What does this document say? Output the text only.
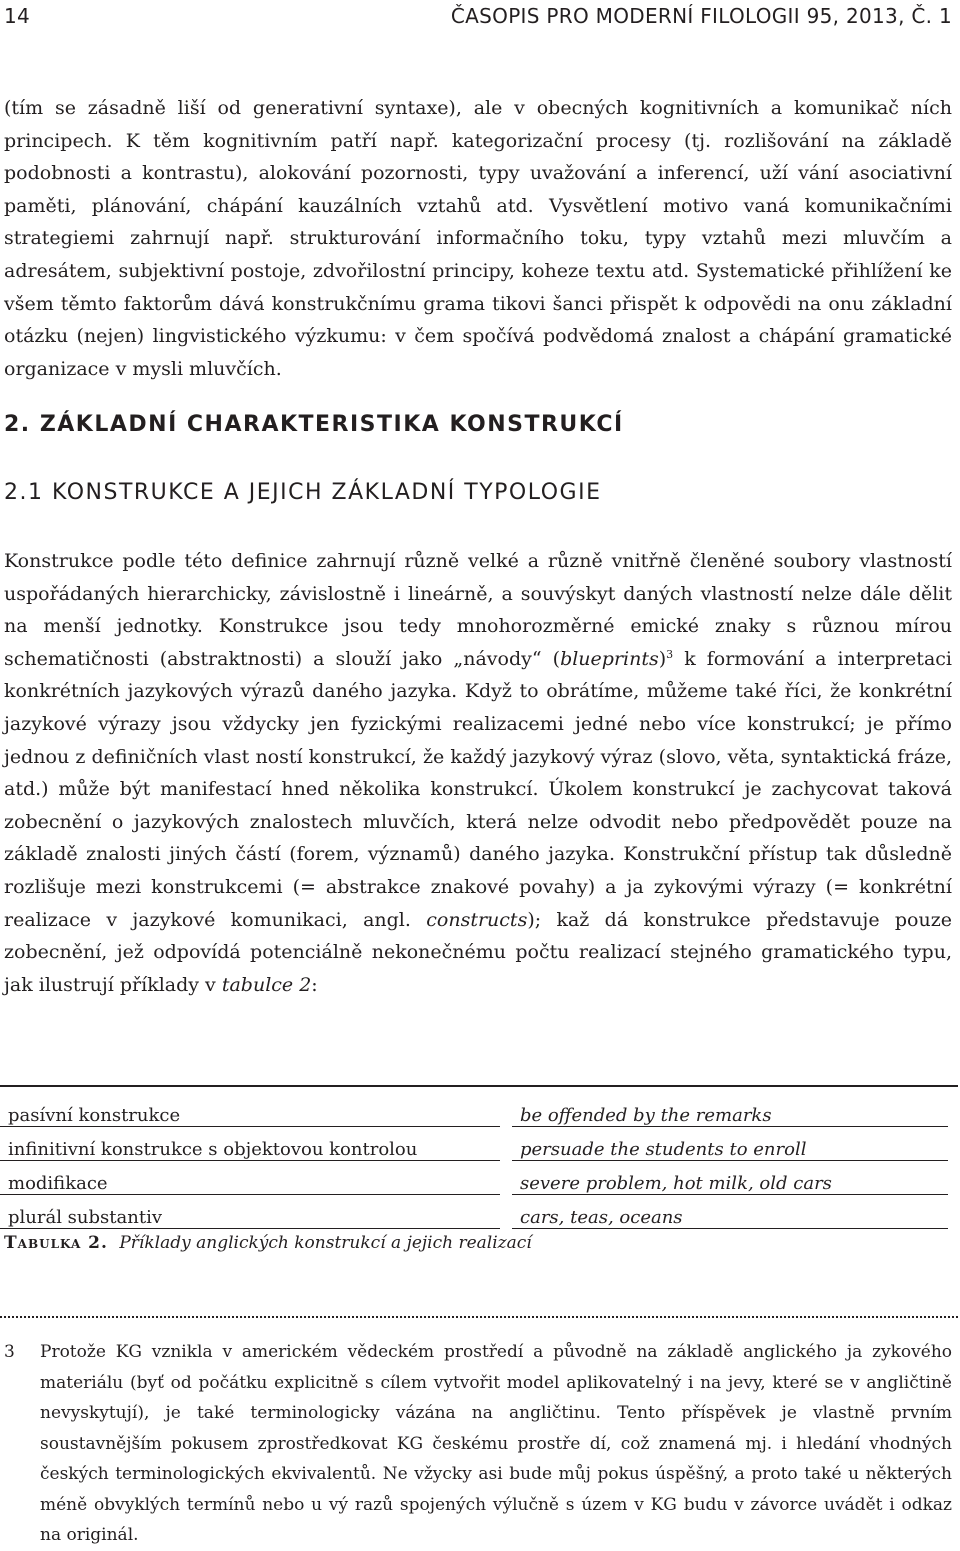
14	ČASOPIS PRO MODERNÍ FILOLOGII 95, 2013, Č. 1
(tím se zásadně liší od generativní syntaxe), ale v obecných kognitivních a komunikač ních principech. K těm kognitivním patří např. kategorizační procesy (tj. rozlišování na základě podobnosti a kontrastu), alokování pozornosti, typy uvažování a inferencí, uží vání asociativní paměti, plánování, chápání kauzálních vztahů atd. Vysvětlení motivo vaná komunikačními strategiemi zahrnují např. strukturování informačního toku, typy vztahů mezi mluvčím a adresátem, subjektivní postoje, zdvořilostní principy, koheze textu atd. Systematické přihlížení ke všem těmto faktorům dává konstrukčnímu grama tikovi šanci přispět k odpovědi na onu základní otázku (nejen) lingvistického výzkumu: v čem spočívá podvědomá znalost a chápání gramatické organizace v mysli mluvčích.
2. ZÁKLADNÍ CHARAKTERISTIKA KONSTRUKCÍ
2.1 KONSTRUKCE A JEJICH ZÁKLADNÍ TYPOLOGIE
Konstrukce podle této definice zahrnují různě velké a různě vnitřně členěné soubory vlastností uspořádaných hierarchicky, závislostně i lineárně, a souvýskyt daných vlastností nelze dále dělit na menší jednotky. Konstrukce jsou tedy mnohorozměrné emické znaky s různou mírou schematičnosti (abstraktnosti) a slouží jako „návody“ (blueprints)$^3$ k formování a interpretaci konkrétních jazykových výrazů daného jazyka. Když to obrátíme, můžeme také říci, že konkrétní jazykové výrazy jsou vždycky jen fyzickými realizacemi jedné nebo více konstrukcí; je přímo jednou z definičních vlast ností konstrukcí, že každý jazykový výraz (slovo, věta, syntaktická fráze, atd.) může být manifestací hned několika konstrukcí. Úkolem konstrukcí je zachycovat taková zobecnění o jazykových znalostech mluvčích, která nelze odvodit nebo předpovědět pouze na základě znalosti jiných částí (forem, významů) daného jazyka. Konstrukční přístup tak důsledně rozlišuje mezi konstrukcemi (= abstrakce znakové povahy) a ja zykovými výrazy (= konkrétní realizace v jazykové komunikaci, angl. constructs); kaž dá konstrukce představuje pouze zobecnění, jež odpovídá potenciálně nekonečnému počtu realizací stejného gramatického typu, jak ilustrují příklady v tabulce 2:
pasívní konstrukce		be offended by the remarks
infinitivní konstrukce s objektovou kontrolou		persuade the students to enroll
modifikace		severe problem, hot milk, old cars
plurál substantiv		cars, teas, oceans
Tabulka 2. Příklady anglických konstrukcí a jejich realizací
3 Protože KG vznikla v americkém vědeckém prostředí a původně na základě anglického ja zykového materiálu (byť od počátku explicitně s cílem vytvořit model aplikovatelný i na jevy, které se v angličtině nevyskytují), je také terminologicky vázána na angličtinu. Tento příspěvek je vlastně prvním soustavnějším pokusem zprostředkovat KG českému prostře dí, což znamená mj. i hledání vhodných českých terminologických ekvivalentů. Ne vžycky asi bude můj pokus úspěšný, a proto také u některých méně obvyklých termínů nebo u vý razů spojených výlučně s územ v KG budu v závorce uvádět i odkaz na originál.
